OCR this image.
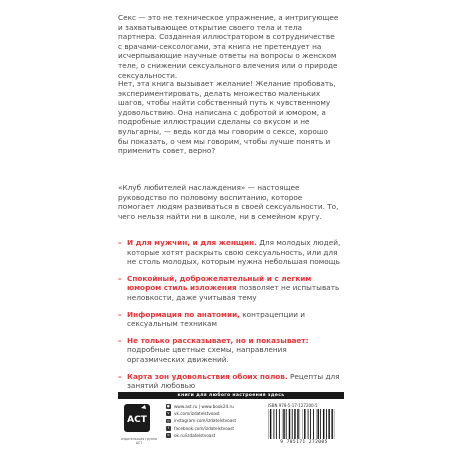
Секс — это не техническое упражнение, а интригующее и захватывающее открытие своего тела и тела партнера. Созданная иллюстратором в сотрудничестве с врачами-сексологами, эта книга не претендует на исчерпывающие научные ответы на вопросы о женском теле, о снижении сексуального влечения или о природе сексуальности.

Нет, эта книга вызывает желание! Желание пробовать, экспериментировать, делать множество маленьких шагов, чтобы найти собственный путь к чувственному удовольствию. Она написана с добротой и юмором, а подробные иллюстрации сделаны со вкусом и не вульгарны, — ведь когда мы говорим о сексе, хорошо бы показать, о чем мы говорим, чтобы лучше понять и применить совет, верно?

«Клуб любителей наслаждения» — настоящее руководство по половому воспитанию, которое помогает людям развиваться в своей сексуальности. То, чего нельзя найти ни в школе, ни в семейном кругу.

– И для мужчин, и для женщин. Для молодых людей, которые хотят раскрыть свою сексуальность, или для не столь молодых, которым нужна небольшая помощь
– Спокойный, доброжелательный и с легким юмором стиль изложения позволяет не испытывать неловкости, даже учитывая тему
– Информация по анатомии, контрацепции и сексуальным техникам
– Не только рассказывает, но и показывает: подробные цветные схемы, направления оргазмических движений.
– Карта зон удовольствия обоих полов. Рецепты для занятий любовью
книги для любого настроения здесь
ACT
издательская группа АСТ
● www.ast.ru | www.book24.ru
v	vk.com/izdatelstvoast
◎ instagram.com/izdatelstvoast
f	facebook.com/izdatelstvoast
o	ok.ru/izdatelstvoast
ISBN 978-5-17-127200-5
9 785171 272005
